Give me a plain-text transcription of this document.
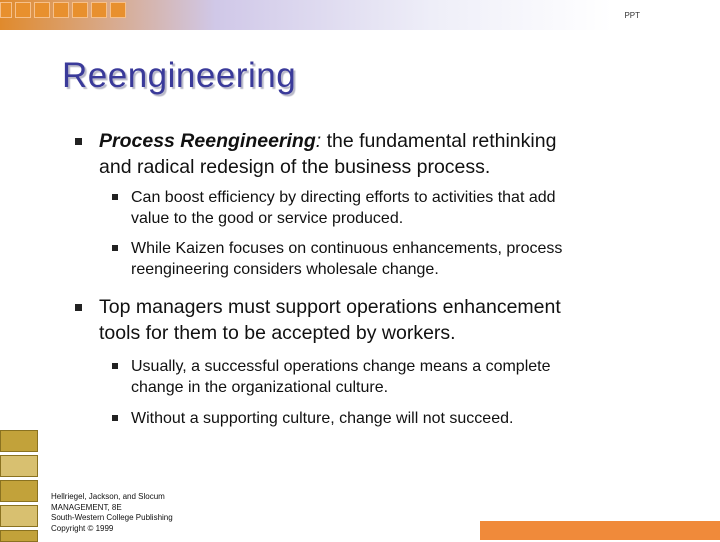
PPT
Reengineering
Process Reengineering: the fundamental rethinking
and radical redesign of the business process.
Can boost efficiency by directing efforts to activities that add
value to the good or service produced.
While Kaizen focuses on continuous enhancements, process
reengineering considers wholesale change.
Top managers must support operations enhancement
tools for them to be accepted by workers.
Usually, a successful operations change means a complete
change in the organizational culture.
Without a supporting culture, change will not succeed.
Hellriegel, Jackson, and Slocum
MANAGEMENT, 8E
South-Western College Publishing
Copyright © 1999
